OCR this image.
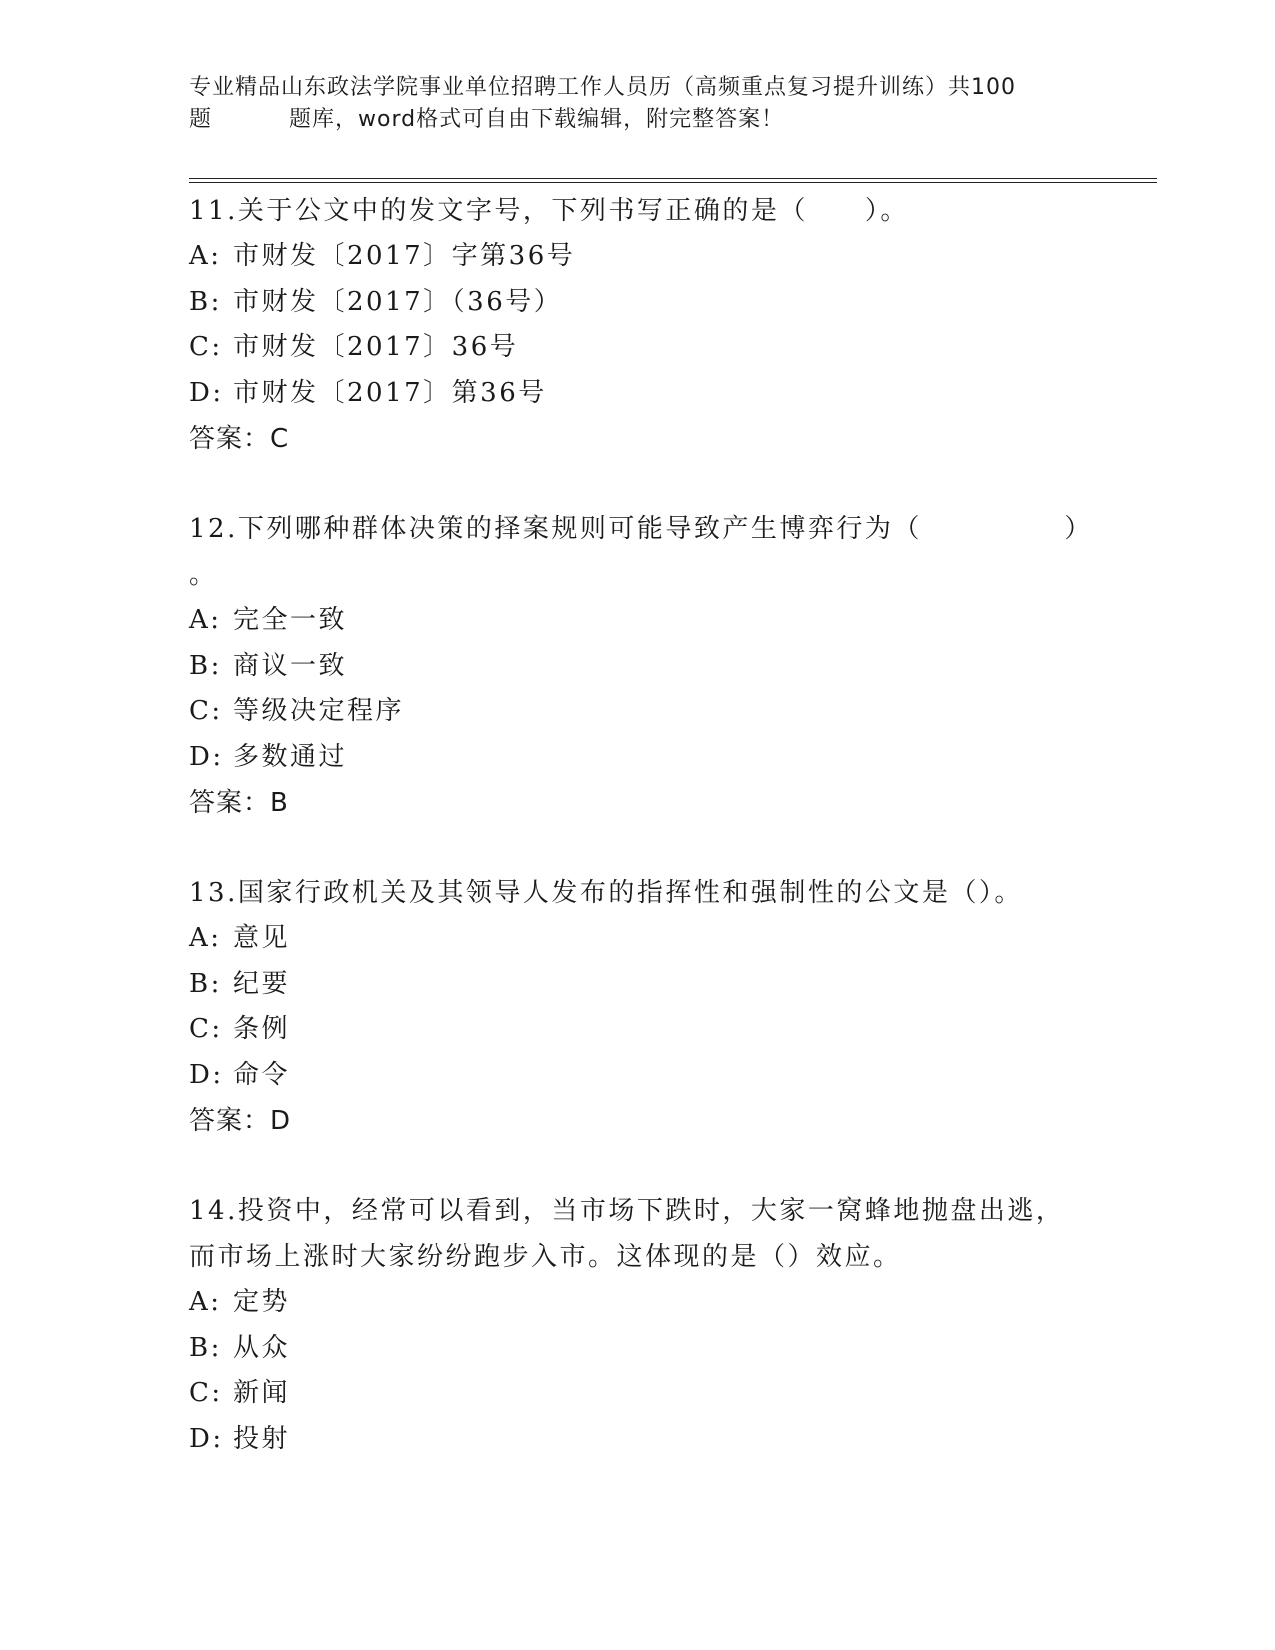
专业精品山东政法学院事业单位招聘工作人员历（高频重点复习提升训练）共100
题	题库，word格式可自由下载编辑，附完整答案！
11.关于公文中的发文字号，下列书写正确的是（　　）。
A: 市财发〔2017〕字第36号
B: 市财发〔2017〕（36号）
C: 市财发〔2017〕36号
D: 市财发〔2017〕第36号
答案：C
12.下列哪种群体决策的择案规则可能导致产生博弈行为（　　　　　）
。
A: 完全一致
B: 商议一致
C: 等级决定程序
D: 多数通过
答案：B
13.国家行政机关及其领导人发布的指挥性和强制性的公文是（）。
A: 意见
B: 纪要
C: 条例
D: 命令
答案：D
14.投资中，经常可以看到，当市场下跌时，大家一窝蜂地抛盘出逃，
而市场上涨时大家纷纷跑步入市。这体现的是（）效应。
A: 定势
B: 从众
C: 新闻
D: 投射
